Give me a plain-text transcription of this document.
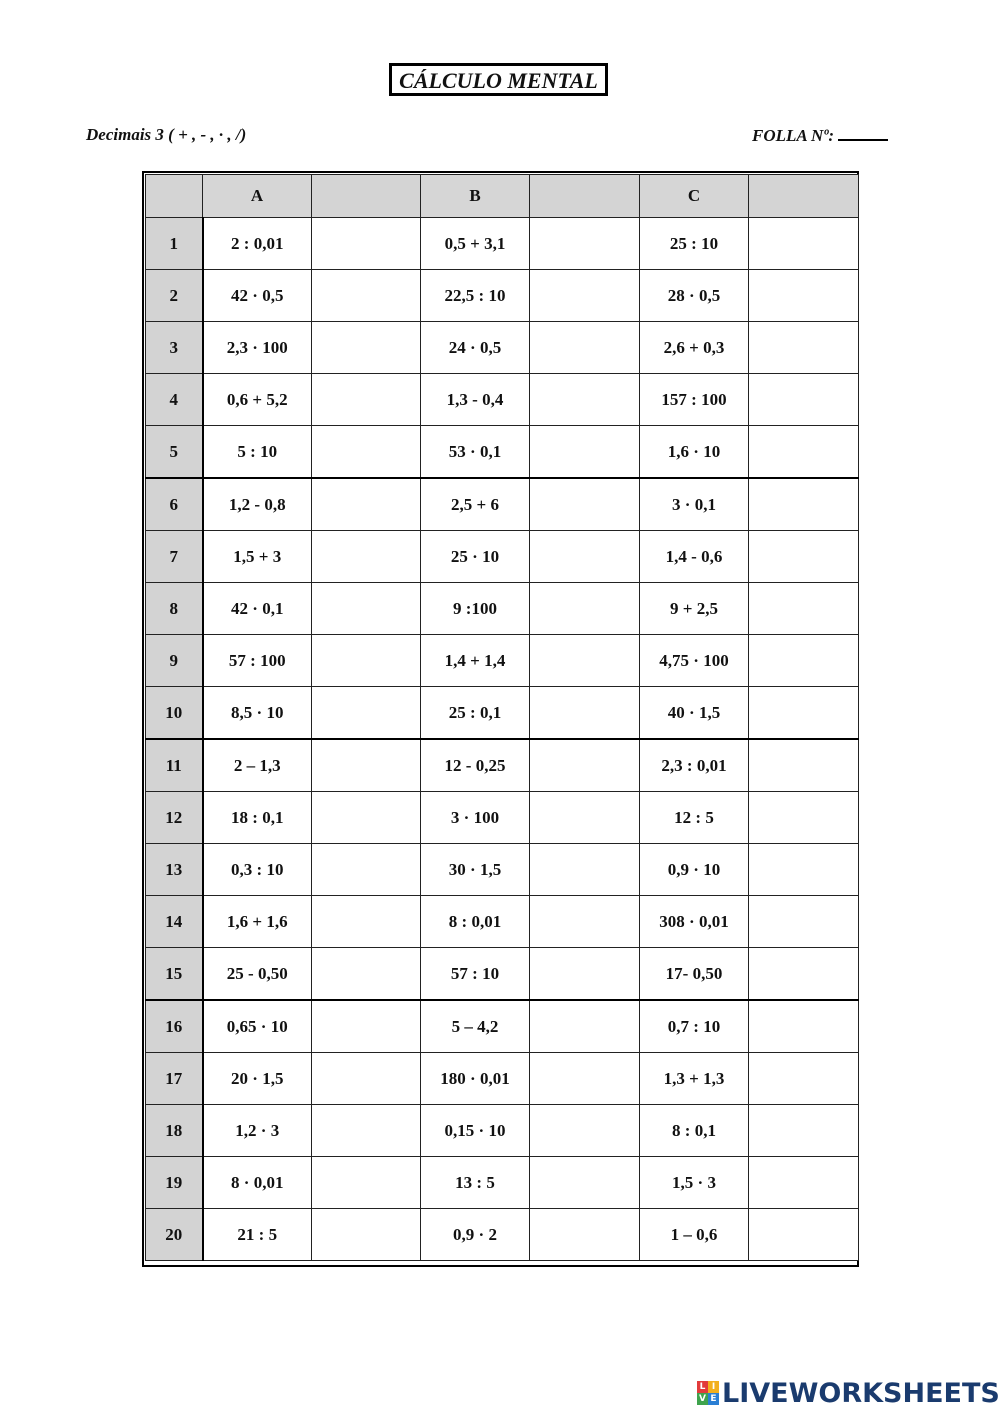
CÁLCULO MENTAL
Decimais 3 ( + , - , · , /)	FOLLA Nº:
	A		B		C	
1	2 : 0,01		0,5 + 3,1		25 : 10	
2	42 · 0,5		22,5 : 10		28 · 0,5	
3	2,3 · 100		24 · 0,5		2,6 + 0,3	
4	0,6 + 5,2		1,3 - 0,4		157 : 100	
5	5 : 10		53 · 0,1		1,6 · 10	
6	1,2 - 0,8		2,5 + 6		3 · 0,1	
7	1,5 + 3		25 · 10		1,4 - 0,6	
8	42 · 0,1		9 :100		9 + 2,5	
9	57 : 100		1,4 + 1,4		4,75 · 100	
10	8,5 · 10		25 : 0,1		40 · 1,5	
11	2 – 1,3		12 - 0,25		2,3 : 0,01	
12	18 : 0,1		3 · 100		12 : 5	
13	0,3 : 10		30 · 1,5		0,9 · 10	
14	1,6 + 1,6		8 : 0,01		308 · 0,01	
15	25 - 0,50		57 : 10		17- 0,50	
16	0,65 · 10		5 – 4,2		0,7 : 10	
17	20 · 1,5		180 · 0,01		1,3 + 1,3	
18	1,2 · 3		0,15 · 10		8 : 0,1	
19	8 · 0,01		13 : 5		1,5 · 3	
20	21 : 5		0,9 · 2		1 – 0,6	
L I
V E LIVEWORKSHEETS
